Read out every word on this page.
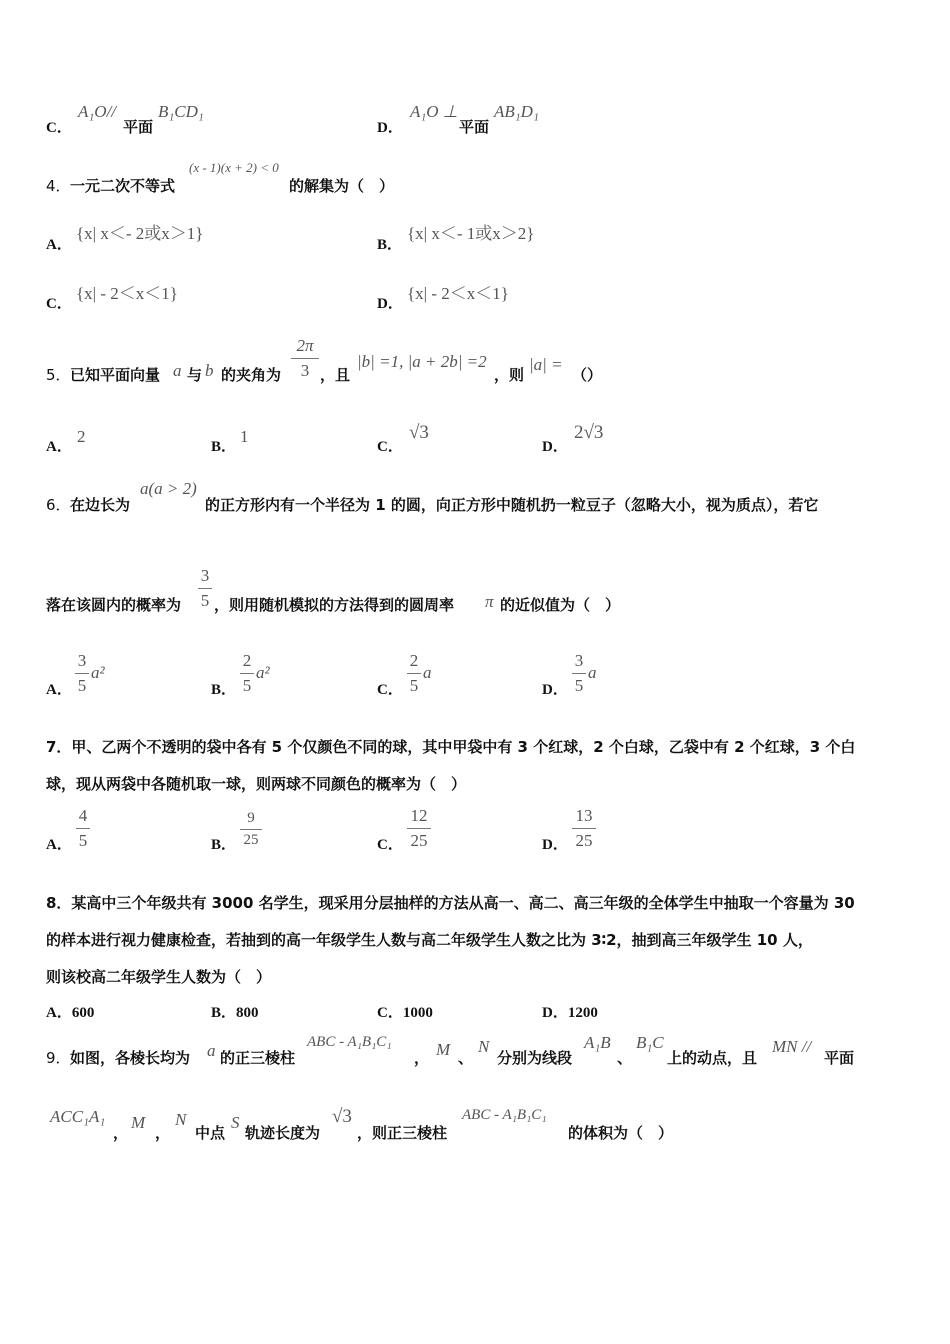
C．
A₁O//
平面
B₁CD₁
D．
A₁O ⊥
平面
AB₁D₁
4． 一元二次不等式
(x - 1)(x + 2) < 0
的解集为（　）
A．
{x| x＜- 2或x＞1}
B．
{x| x＜- 1或x＞2}
C．
{x| - 2＜x＜1}
D．
{x| - 2＜x＜1}
5． 已知平面向量 a 与 b 的夹角为
2π
3 ，且
|b| =1, |a + 2b| =2
，则
|a| =
（）
A．
2
B．
1
C．
√3
D．
2√3
6． 在边长为
a(a > 2)
的正方形内有一个半径为 1 的圆，向正方形中随机扔一粒豆子（忽略大小，视为质点），若它
落在该圆内的概率为
3
5 ，则用随机模拟的方法得到的圆周率 π 的近似值为（　）
A．
3
5
a²
B．
2
5
a²
C．
2
5
a
D．
3
5
a
7．甲、乙两个不透明的袋中各有 5 个仅颜色不同的球，其中甲袋中有 3 个红球，2 个白球，乙袋中有 2 个红球，3 个白
球，现从两袋中各随机取一球，则两球不同颜色的概率为（　）
A．
4
5	B．
9
25	C．
12
25	D．
13
25
8．某高中三个年级共有 3000 名学生，现采用分层抽样的方法从高一、高二、高三年级的全体学生中抽取一个容量为 30
的样本进行视力健康检查，若抽到的高一年级学生人数与高二年级学生人数之比为 3∶2，抽到高三年级学生 10 人，
则该校高二年级学生人数为（　）
A．600	B．800	C．1000	D．1200
9． 如图，各棱长均为 a 的正三棱柱
ABC - A₁B₁C₁
， M 、
N
分别为线段
A₁B
、
B₁C
上的动点，且
MN //
平面
ACC₁A₁
，
M
，
N
中点
S
轨迹长度为
√3
，则正三棱柱
ABC - A₁B₁C₁
的体积为（　）
